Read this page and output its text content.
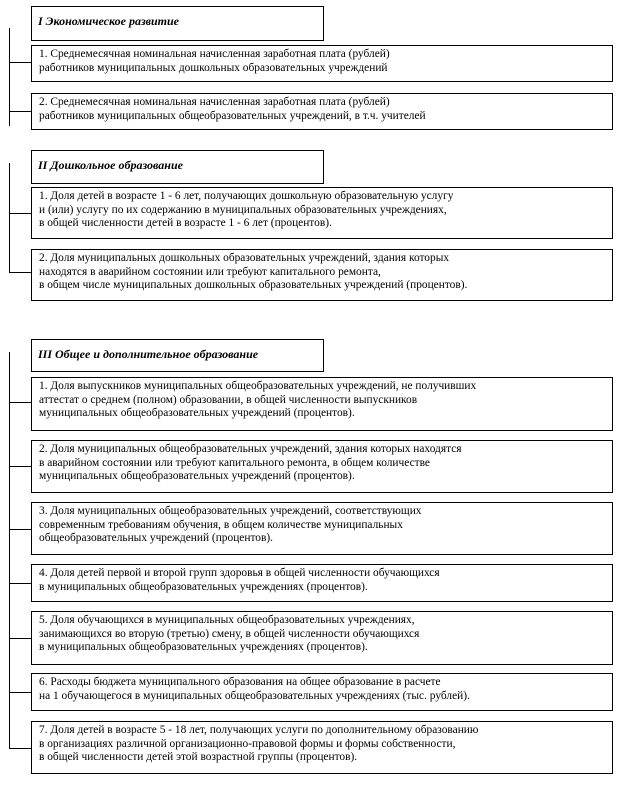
I Экономическое развитие
1. Среднемесячная номинальная начисленная заработная плата (рублей)
работников муниципальных дошкольных образовательных учреждений
2. Среднемесячная номинальная начисленная заработная плата (рублей)
работников муниципальных общеобразовательных учреждений, в т.ч. учителей
II Дошкольное образование
1. Доля детей в возрасте 1 - 6 лет, получающих дошкольную образовательную услугу
и (или) услугу по их содержанию в муниципальных образовательных учреждениях,
в общей численности детей в возрасте 1 - 6 лет (процентов).
2. Доля муниципальных дошкольных образовательных учреждений, здания которых
находятся в аварийном состоянии или требуют капитального ремонта,
в общем числе муниципальных дошкольных образовательных учреждений (процентов).
III Общее и дополнительное образование
1. Доля выпускников муниципальных общеобразовательных учреждений, не получивших
аттестат о среднем (полном) образовании, в общей численности выпускников
муниципальных общеобразовательных учреждений (процентов).
2. Доля муниципальных общеобразовательных учреждений, здания которых находятся
в аварийном состоянии или требуют капитального ремонта, в общем количестве
муниципальных общеобразовательных учреждений (процентов).
3. Доля муниципальных общеобразовательных учреждений, соответствующих
современным требованиям обучения, в общем количестве муниципальных
общеобразовательных учреждений (процентов).
4. Доля детей первой и второй групп здоровья в общей численности обучающихся
в муниципальных общеобразовательных учреждениях (процентов).
5. Доля обучающихся в муниципальных общеобразовательных учреждениях,
занимающихся во вторую (третью) смену, в общей численности обучающихся
в муниципальных общеобразовательных учреждениях (процентов).
6. Расходы бюджета муниципального образования на общее образование в расчете
на 1 обучающегося в муниципальных общеобразовательных учреждениях (тыс. рублей).
7. Доля детей в возрасте 5 - 18 лет, получающих услуги по дополнительному образованию
в организациях различной организационно-правовой формы и формы собственности,
в общей численности детей этой возрастной группы (процентов).
